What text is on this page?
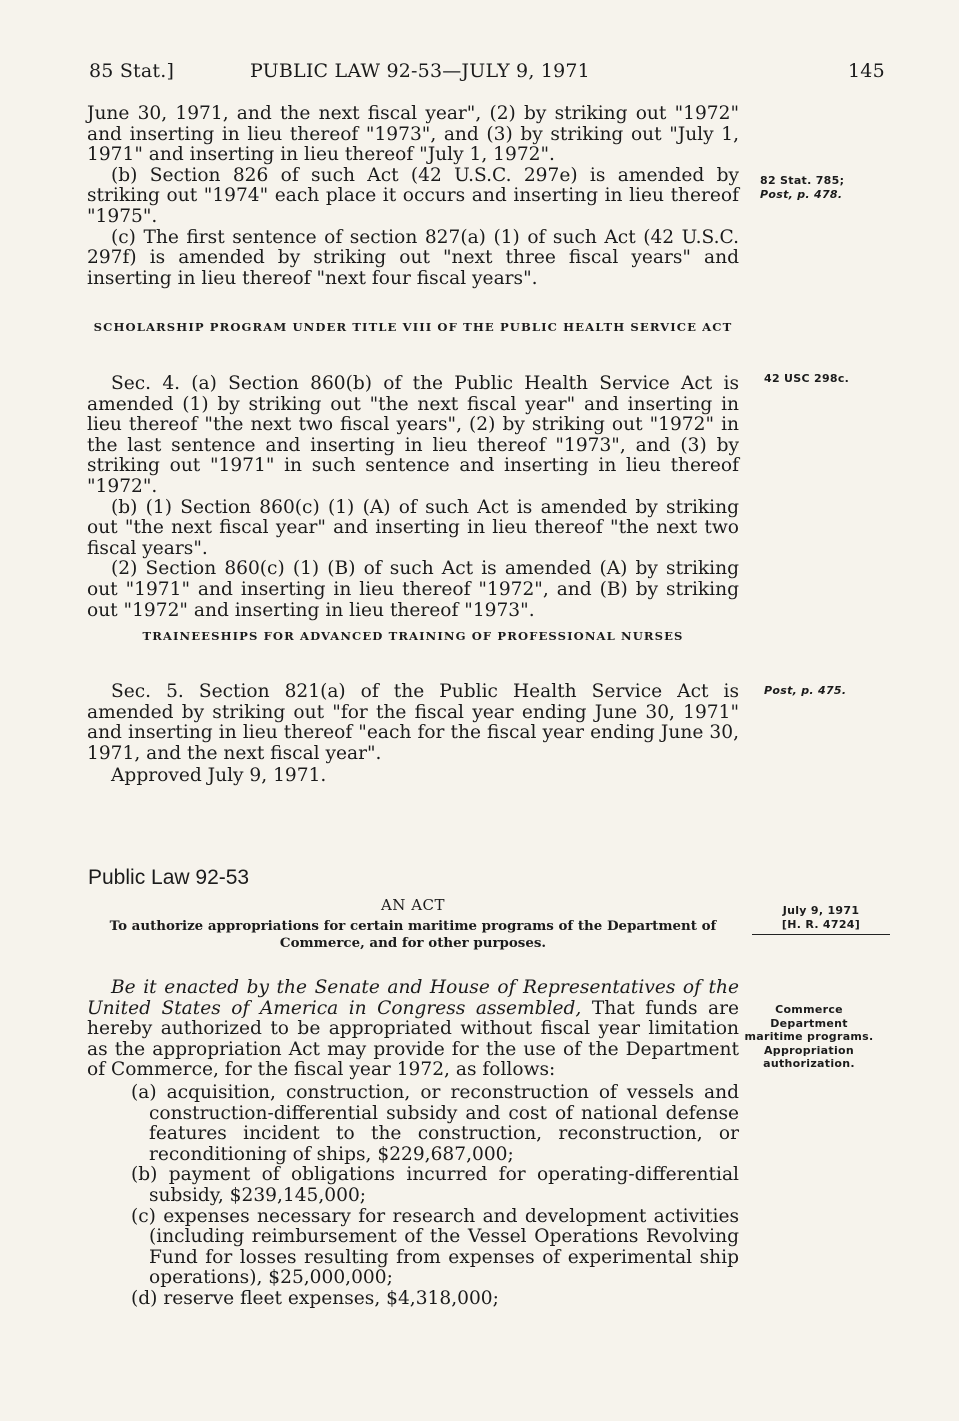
85 Stat.]	PUBLIC LAW 92-53—JULY 9, 1971	145

June 30, 1971, and the next fiscal year", (2) by striking out "1972" and inserting in lieu thereof "1973", and (3) by striking out "July 1, 1971" and inserting in lieu thereof "July 1, 1972".

(b) Section 826 of such Act (42 U.S.C. 297e) is amended by striking out "1974" each place it occurs and inserting in lieu thereof "1975".

(c) The first sentence of section 827(a) (1) of such Act (42 U.S.C. 297f) is amended by striking out "next three fiscal years" and inserting in lieu thereof "next four fiscal years".

SCHOLARSHIP PROGRAM UNDER TITLE VIII OF THE PUBLIC HEALTH SERVICE ACT

Sec. 4. (a) Section 860(b) of the Public Health Service Act is amended (1) by striking out "the next fiscal year" and inserting in lieu thereof "the next two fiscal years", (2) by striking out "1972" in the last sentence and inserting in lieu thereof "1973", and (3) by striking out "1971" in such sentence and inserting in lieu thereof "1972".

(b) (1) Section 860(c) (1) (A) of such Act is amended by striking out "the next fiscal year" and inserting in lieu thereof "the next two fiscal years".

(2) Section 860(c) (1) (B) of such Act is amended (A) by striking out "1971" and inserting in lieu thereof "1972", and (B) by striking out "1972" and inserting in lieu thereof "1973".

TRAINEESHIPS FOR ADVANCED TRAINING OF PROFESSIONAL NURSES

Sec. 5. Section 821(a) of the Public Health Service Act is amended by striking out "for the fiscal year ending June 30, 1971" and inserting in lieu thereof "each for the fiscal year ending June 30, 1971, and the next fiscal year".

Approved July 9, 1971.

Public Law 92-53
AN ACT
To authorize appropriations for certain maritime programs of the Department of Commerce, and for other purposes.

Be it enacted by the Senate and House of Representatives of the United States of America in Congress assembled, That funds are hereby authorized to be appropriated without fiscal year limitation as the appropriation Act may provide for the use of the Department of Commerce, for the fiscal year 1972, as follows:

(a) acquisition, construction, or reconstruction of vessels and construction-differential subsidy and cost of national defense features incident to the construction, reconstruction, or reconditioning of ships, $229,687,000;

(b) payment of obligations incurred for operating-differential subsidy, $239,145,000;

(c) expenses necessary for research and development activities (including reimbursement of the Vessel Operations Revolving Fund for losses resulting from expenses of experimental ship operations), $25,000,000;

(d) reserve fleet expenses, $4,318,000;

82 Stat. 785;
Post, p. 478.
42 USC 298c.
Post, p. 475.
July 9, 1971
[H. R. 4724]
Commerce
Department maritime programs.
Appropriation authorization.
